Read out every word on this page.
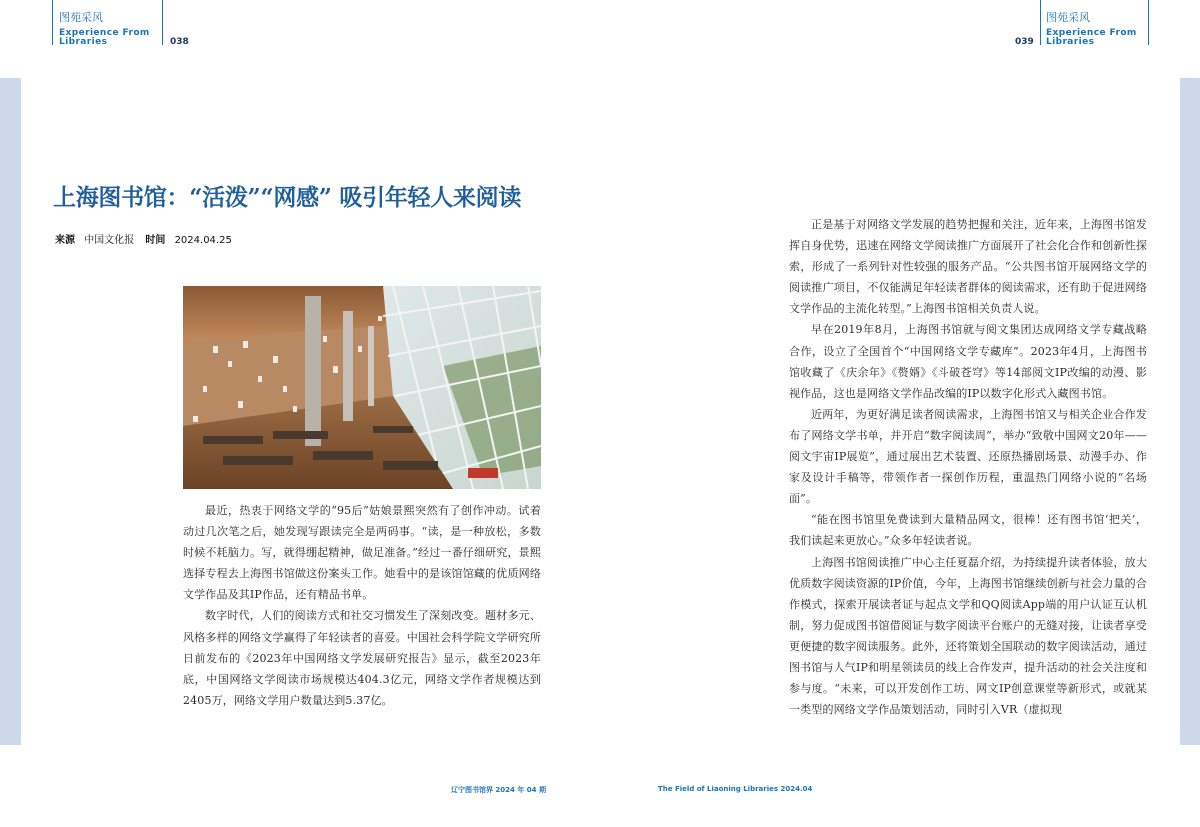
图苑采风
Experience From
Libraries	038	039
图苑采风
Experience From
Libraries
上海图书馆：“活泼”“网感” 吸引年轻人来阅读
来源 中国文化报 时间 2024.04.25

最近，热衷于网络文学的“95后”姑娘景熙突然有了创作冲动。试着动过几次笔之后，她发现写跟读完全是两码事。“读，是一种放松，多数时候不耗脑力。写，就得绷起精神，做足准备。”经过一番仔细研究，景熙选择专程去上海图书馆做这份案头工作。她看中的是该馆馆藏的优质网络文学作品及其IP作品，还有精品书单。

数字时代，人们的阅读方式和社交习惯发生了深刻改变。题材多元、风格多样的网络文学赢得了年轻读者的喜爱。中国社会科学院文学研究所日前发布的《2023年中国网络文学发展研究报告》显示，截至2023年底，中国网络文学阅读市场规模达404.3亿元，网络文学作者规模达到2405万，网络文学用户数量达到5.37亿。

正是基于对网络文学发展的趋势把握和关注，近年来，上海图书馆发挥自身优势，迅速在网络文学阅读推广方面展开了社会化合作和创新性探索，形成了一系列针对性较强的服务产品。“公共图书馆开展网络文学的阅读推广项目，不仅能满足年轻读者群体的阅读需求，还有助于促进网络文学作品的主流化转型。”上海图书馆相关负责人说。

早在2019年8月，上海图书馆就与阅文集团达成网络文学专藏战略合作，设立了全国首个“中国网络文学专藏库”。2023年4月，上海图书馆收藏了《庆余年》《赘婿》《斗破苍穹》等14部阅文IP改编的动漫、影视作品，这也是网络文学作品改编的IP以数字化形式入藏图书馆。

近两年，为更好满足读者阅读需求，上海图书馆又与相关企业合作发布了网络文学书单，并开启“数字阅读周”，举办“致敬中国网文20年——阅文宇宙IP展览”，通过展出艺术装置、还原热播剧场景、动漫手办、作家及设计手稿等，带领作者一探创作历程，重温热门网络小说的“名场面”。

“能在图书馆里免费读到大量精品网文，很棒！还有图书馆‘把关’，我们读起来更放心。”众多年轻读者说。

上海图书馆阅读推广中心主任夏磊介绍，为持续提升读者体验，放大优质数字阅读资源的IP价值，今年，上海图书馆继续创新与社会力量的合作模式，探索开展读者证与起点文学和QQ阅读App端的用户认证互认机制，努力促成图书馆借阅证与数字阅读平台账户的无缝对接，让读者享受更便捷的数字阅读服务。此外，还将策划全国联动的数字阅读活动，通过图书馆与人气IP和明星领读员的线上合作发声，提升活动的社会关注度和参与度。“未来，可以开发创作工坊、网文IP创意课堂等新形式，或就某一类型的网络文学作品策划活动，同时引入VR（虚拟现

辽宁图书馆界 2024 年 04 期	The Field of Liaoning Libraries 2024.04
